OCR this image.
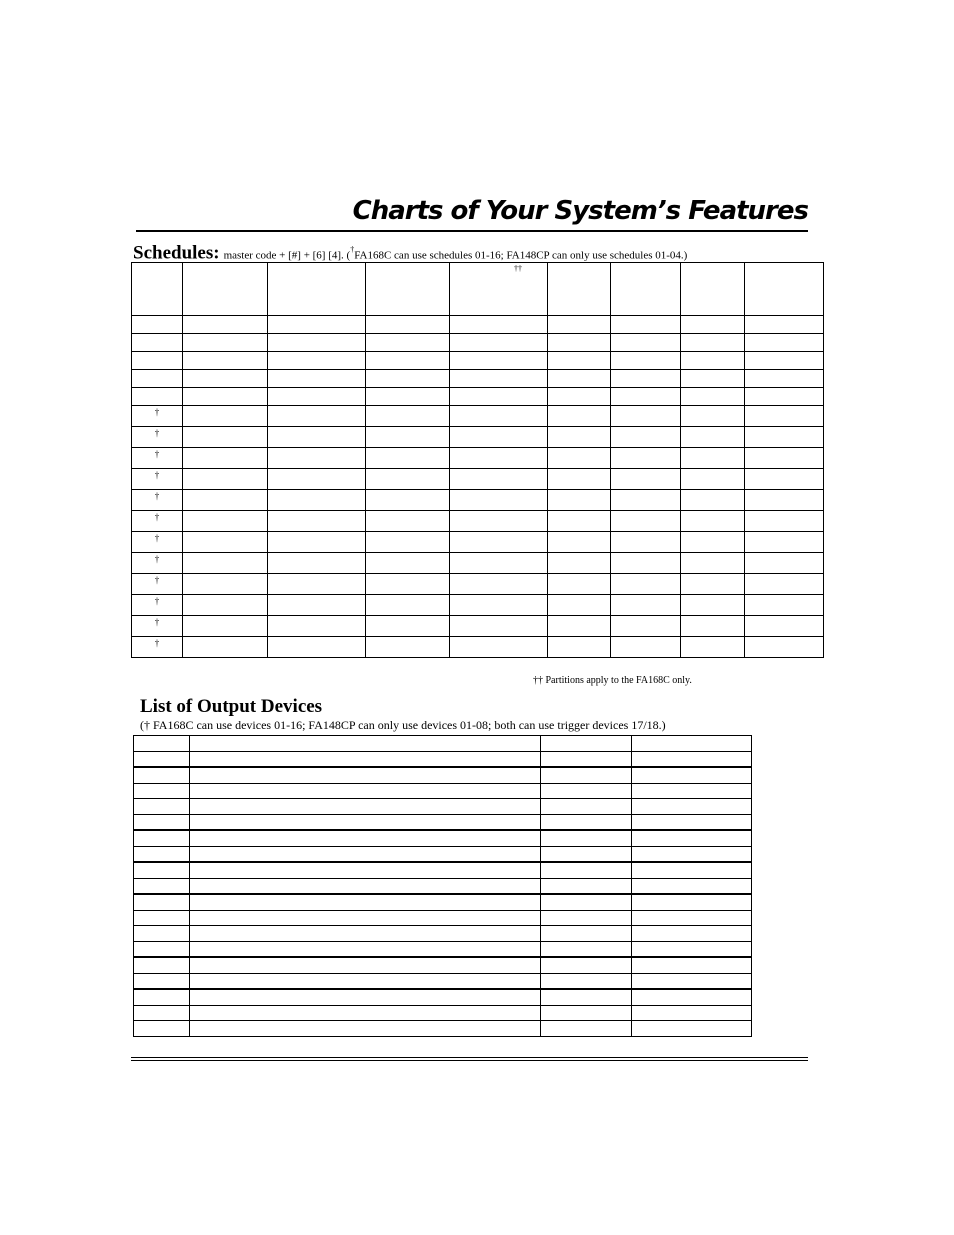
Charts of Your System’s Features
Schedules: master code + [#] + [6] [4]. (†FA168C can use schedules 01-16; FA148CP can only use schedules 01-04.)

				††				

†								
†								
†								
†								
†								
†								
†								
†								
†								
†								
†								
†								
†† Partitions apply to the FA168C only.
List of Output Devices
(† FA168C can use devices 01-16; FA148CP can only use devices 01-08; both can use trigger devices 17/18.)
